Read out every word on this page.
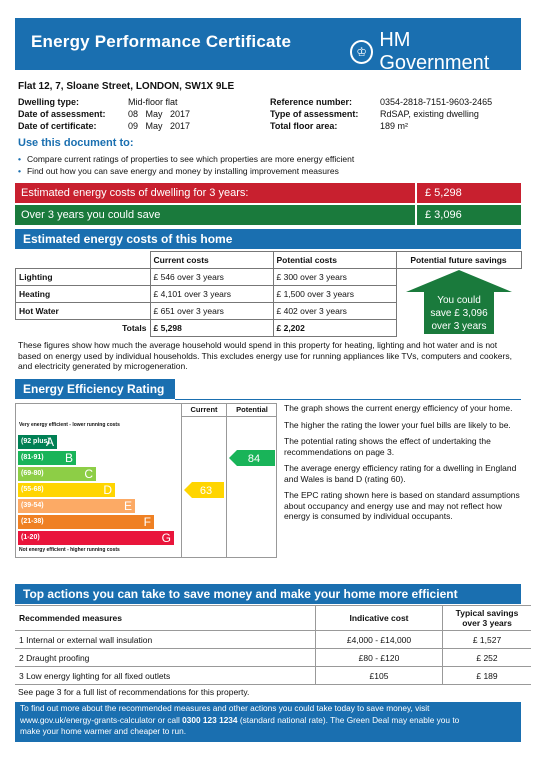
Energy Performance Certificate
♔
HM Government
Flat 12, 7, Sloane Street, LONDON, SW1X 9LE
Dwelling type:	Mid-floor flat
Date of assessment: 08   May   2017
Date of certificate:	09   May   2017
Reference number:	0354-2818-7151-9603-2465
Type of assessment: RdSAP, existing dwelling
Total floor area:	189 m²
Use this document to:
• Compare current ratings of properties to see which properties are more energy efficient
• Find out how you can save energy and money by installing improvement measures
Estimated energy costs of dwelling for 3 years:	£ 5,298
Over 3 years you could save	£ 3,096
Estimated energy costs of this home
	Current costs	Potential costs	Potential future savings
Lighting	£ 546 over 3 years	£ 300 over 3 years	
Heating	£ 4,101 over 3 years	£ 1,500 over 3 years	
Hot Water	£ 651 over 3 years	£ 402 over 3 years	
Totals	£ 5,298	£ 2,202	
You could
save £ 3,096
over 3 years
These figures show how much the average household would spend in this property for heating, lighting and hot water and is not based on energy used by individual households. This excludes energy use for running appliances like TVs, computers and cookers, and electricity generated by microgeneration.
Energy Efficiency Rating
Current	Potential
Very energy efficient - lower running costs
Not energy efficient - higher running costs
(92 plus)
A
(81-91) B
(69-80)	C
(55-68)	D
(39-54)	E
(21-38)	F
(1-20)	G
63
84
The graph shows the current energy efficiency of your home.
The higher the rating the lower your fuel bills are likely to be.
The potential rating shows the effect of undertaking the recommendations on page 3.
The average energy efficiency rating for a dwelling in England and Wales is band D (rating 60).
The EPC rating shown here is based on standard assumptions about occupancy and energy use and may not reflect how energy is consumed by individual occupants.
Top actions you can take to save money and make your home more efficient
Recommended measures	Indicative cost	Typical savings over 3 years
1 Internal or external wall insulation	£4,000 - £14,000	£ 1,527
2 Draught proofing	£80 - £120	£ 252
3 Low energy lighting for all fixed outlets	£105	£ 189
See page 3 for a full list of recommendations for this property.
To find out more about the recommended measures and other actions you could take today to save money, visit
www.gov.uk/energy-grants-calculator or call 0300 123 1234 (standard national rate). The Green Deal may enable you to
make your home warmer and cheaper to run.
